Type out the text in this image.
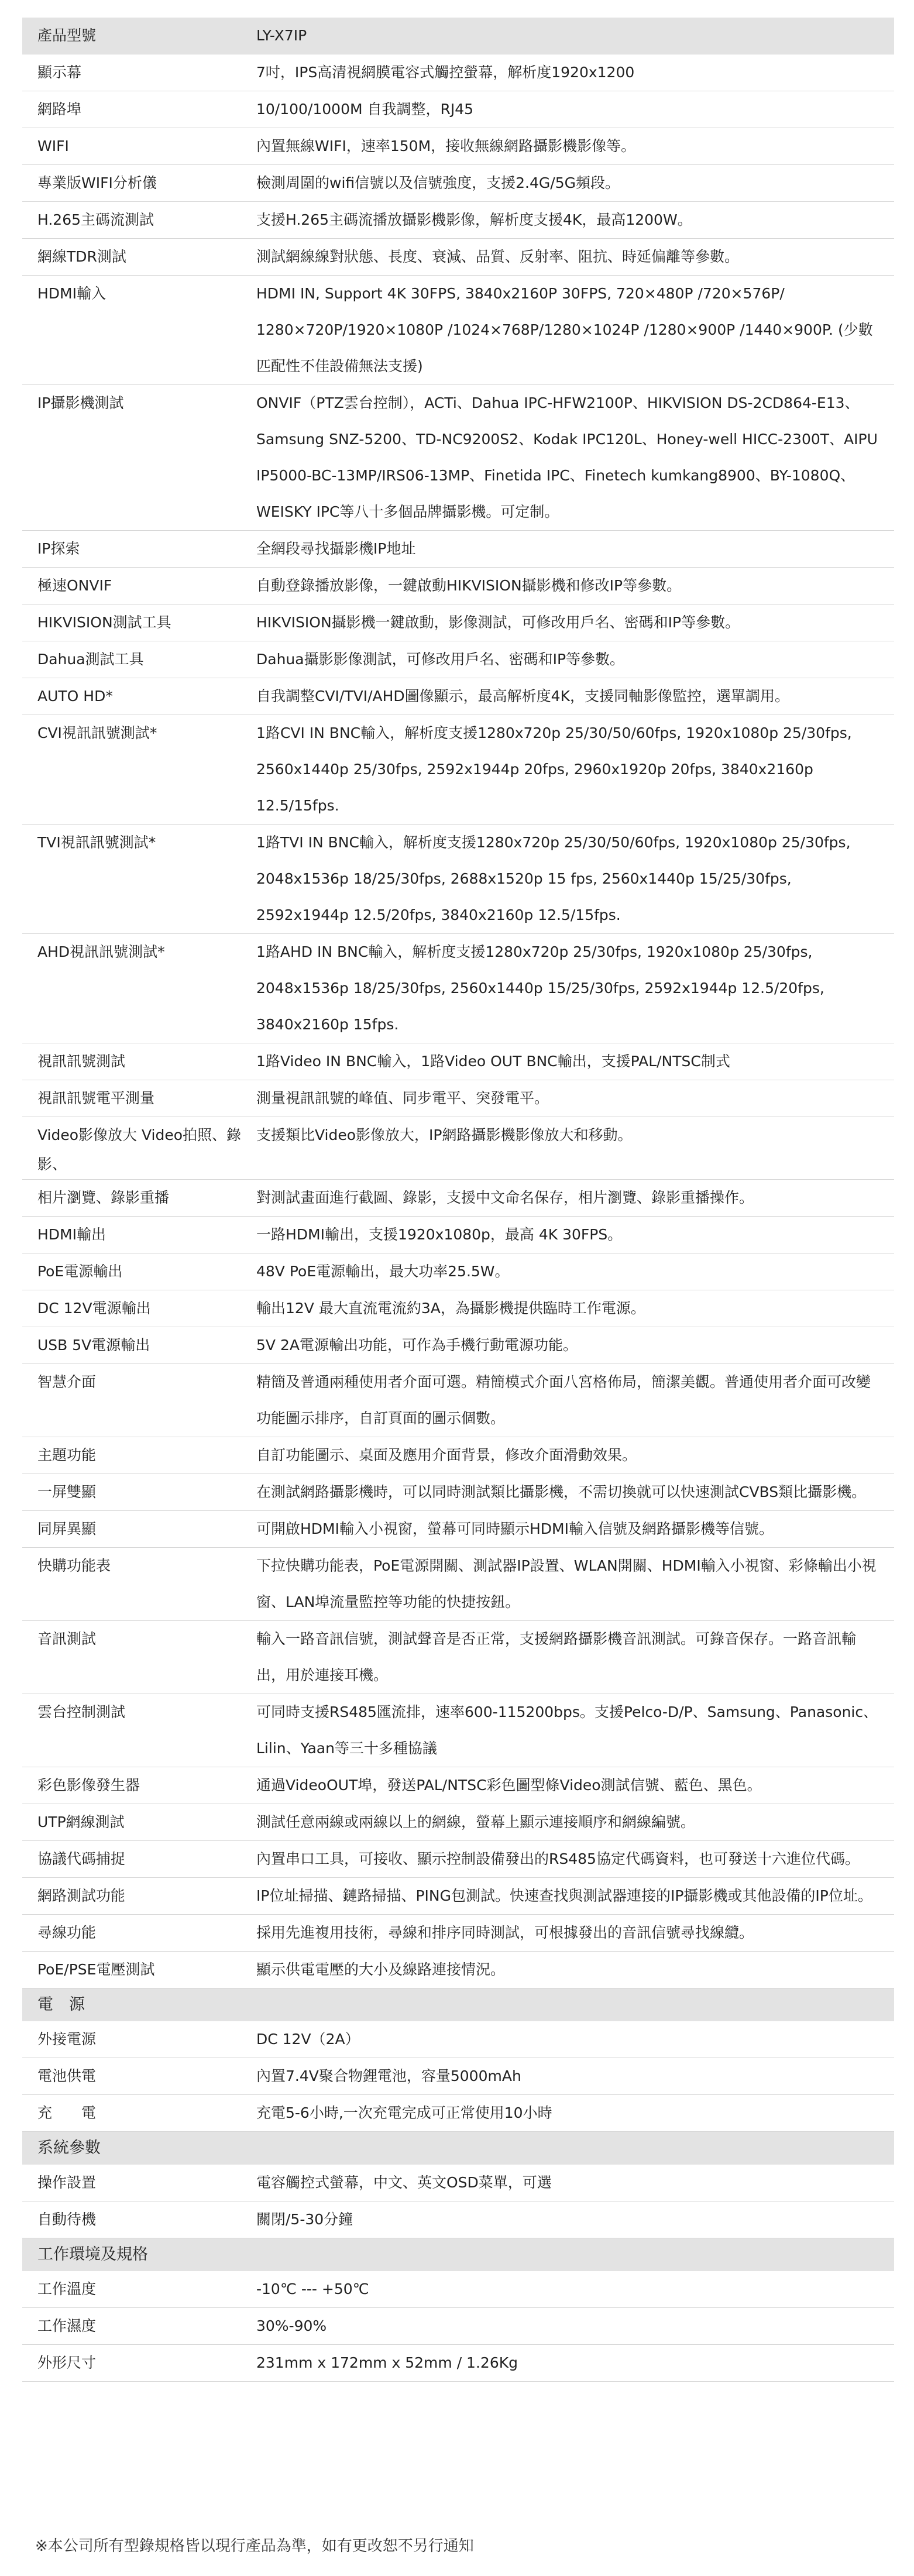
產品型號	LY-X7IP
顯示幕	7吋，IPS高清視網膜電容式觸控螢幕，解析度1920x1200
網路埠	10/100/1000M 自我調整，RJ45
WIFI	內置無線WIFI，速率150M，接收無線網路攝影機影像等。
專業版WIFI分析儀	檢測周圍的wifi信號以及信號強度，支援2.4G/5G頻段。
H.265主碼流測試	支援H.265主碼流播放攝影機影像，解析度支援4K，最高1200W。
網線TDR測試	測試網線線對狀態、長度、衰減、品質、反射率、阻抗、時延偏離等參數。
HDMI輸入	HDMI IN, Support 4K 30FPS, 3840x2160P 30FPS, 720×480P /720×576P/ 1280×720P/1920×1080P /1024×768P/1280×1024P /1280×900P /1440×900P. (少數匹配性不佳設備無法支援)
IP攝影機測試	ONVIF（PTZ雲台控制），ACTi、Dahua IPC-HFW2100P、HIKVISION DS-2CD864-E13、Samsung SNZ-5200、TD-NC9200S2、Kodak IPC120L、Honey-well HICC-2300T、AIPU IP5000-BC-13MP/IRS06-13MP、Finetida IPC、Finetech kumkang8900、BY-1080Q、WEISKY IPC等八十多個品牌攝影機。可定制。
IP探索	全網段尋找攝影機IP地址
極速ONVIF	自動登錄播放影像，一鍵啟動HIKVISION攝影機和修改IP等參數。
HIKVISION測試工具	HIKVISION攝影機一鍵啟動，影像測試，可修改用戶名、密碼和IP等參數。
Dahua測試工具	Dahua攝影影像測試，可修改用戶名、密碼和IP等參數。
AUTO HD*	自我調整CVI/TVI/AHD圖像顯示，最高解析度4K，支援同軸影像監控，選單調用。
CVI視訊訊號測試*	1路CVI IN BNC輸入，解析度支援1280x720p 25/30/50/60fps, 1920x1080p 25/30fps, 2560x1440p 25/30fps, 2592x1944p 20fps, 2960x1920p 20fps, 3840x2160p 12.5/15fps.
TVI視訊訊號測試*	1路TVI IN BNC輸入，解析度支援1280x720p 25/30/50/60fps, 1920x1080p 25/30fps, 2048x1536p 18/25/30fps, 2688x1520p 15 fps, 2560x1440p 15/25/30fps, 2592x1944p 12.5/20fps, 3840x2160p 12.5/15fps.
AHD視訊訊號測試*	1路AHD IN BNC輸入，解析度支援1280x720p 25/30fps, 1920x1080p 25/30fps, 2048x1536p 18/25/30fps, 2560x1440p 15/25/30fps, 2592x1944p 12.5/20fps, 3840x2160p 15fps.
視訊訊號測試	1路Video IN BNC輸入，1路Video OUT BNC輸出，支援PAL/NTSC制式
視訊訊號電平測量	測量視訊訊號的峰值、同步電平、突發電平。
Video影像放大 Video拍照、錄影、	支援類比Video影像放大，IP網路攝影機影像放大和移動。
相片瀏覽、錄影重播	對測試畫面進行截圖、錄影，支援中文命名保存，相片瀏覽、錄影重播操作。
HDMI輸出	一路HDMI輸出，支援1920x1080p，最高 4K 30FPS。
PoE電源輸出	48V PoE電源輸出，最大功率25.5W。
DC 12V電源輸出	輸出12V 最大直流電流約3A，為攝影機提供臨時工作電源。
USB 5V電源輸出	5V 2A電源輸出功能，可作為手機行動電源功能。
智慧介面	精簡及普通兩種使用者介面可選。精簡模式介面八宮格佈局，簡潔美觀。普通使用者介面可改變功能圖示排序，自訂頁面的圖示個數。
主題功能	自訂功能圖示、桌面及應用介面背景，修改介面滑動效果。
一屏雙顯	在測試網路攝影機時，可以同時測試類比攝影機，不需切換就可以快速測試CVBS類比攝影機。
同屏異顯	可開啟HDMI輸入小視窗，螢幕可同時顯示HDMI輸入信號及網路攝影機等信號。
快購功能表	下拉快購功能表，PoE電源開關、測試器IP設置、WLAN開關、HDMI輸入小視窗、彩條輸出小視窗、LAN埠流量監控等功能的快捷按鈕。
音訊測試	輸入一路音訊信號，測試聲音是否正常，支援網路攝影機音訊測試。可錄音保存。一路音訊輸出，用於連接耳機。
雲台控制測試	可同時支援RS485匯流排，速率600-115200bps。支援Pelco-D/P、Samsung、Panasonic、Lilin、Yaan等三十多種協議
彩色影像發生器	通過VideoOUT埠，發送PAL/NTSC彩色圖型條Video測試信號、藍色、黑色。
UTP網線測試	測試任意兩線或兩線以上的網線，螢幕上顯示連接順序和網線編號。
協議代碼捕捉	內置串口工具，可接收、顯示控制設備發出的RS485協定代碼資料，也可發送十六進位代碼。
網路測試功能	IP位址掃描、鏈路掃描、PING包測試。快速查找與測試器連接的IP攝影機或其他設備的IP位址。
尋線功能	採用先進複用技術，尋線和排序同時測試，可根據發出的音訊信號尋找線纜。
PoE/PSE電壓測試	顯示供電電壓的大小及線路連接情況。
電　源	
外接電源	DC 12V（2A）
電池供電	內置7.4V聚合物鋰電池，容量5000mAh
充　　電	充電5-6小時,一次充電完成可正常使用10小時
系統參數	
操作設置	電容觸控式螢幕，中文、英文OSD菜單，可選
自動待機	關閉/5-30分鐘
工作環境及規格	
工作溫度	-10℃ --- +50℃
工作濕度	30%-90%
外形尺寸	231mm x 172mm x 52mm / 1.26Kg
※本公司所有型錄規格皆以現行產品為準，如有更改恕不另行通知
